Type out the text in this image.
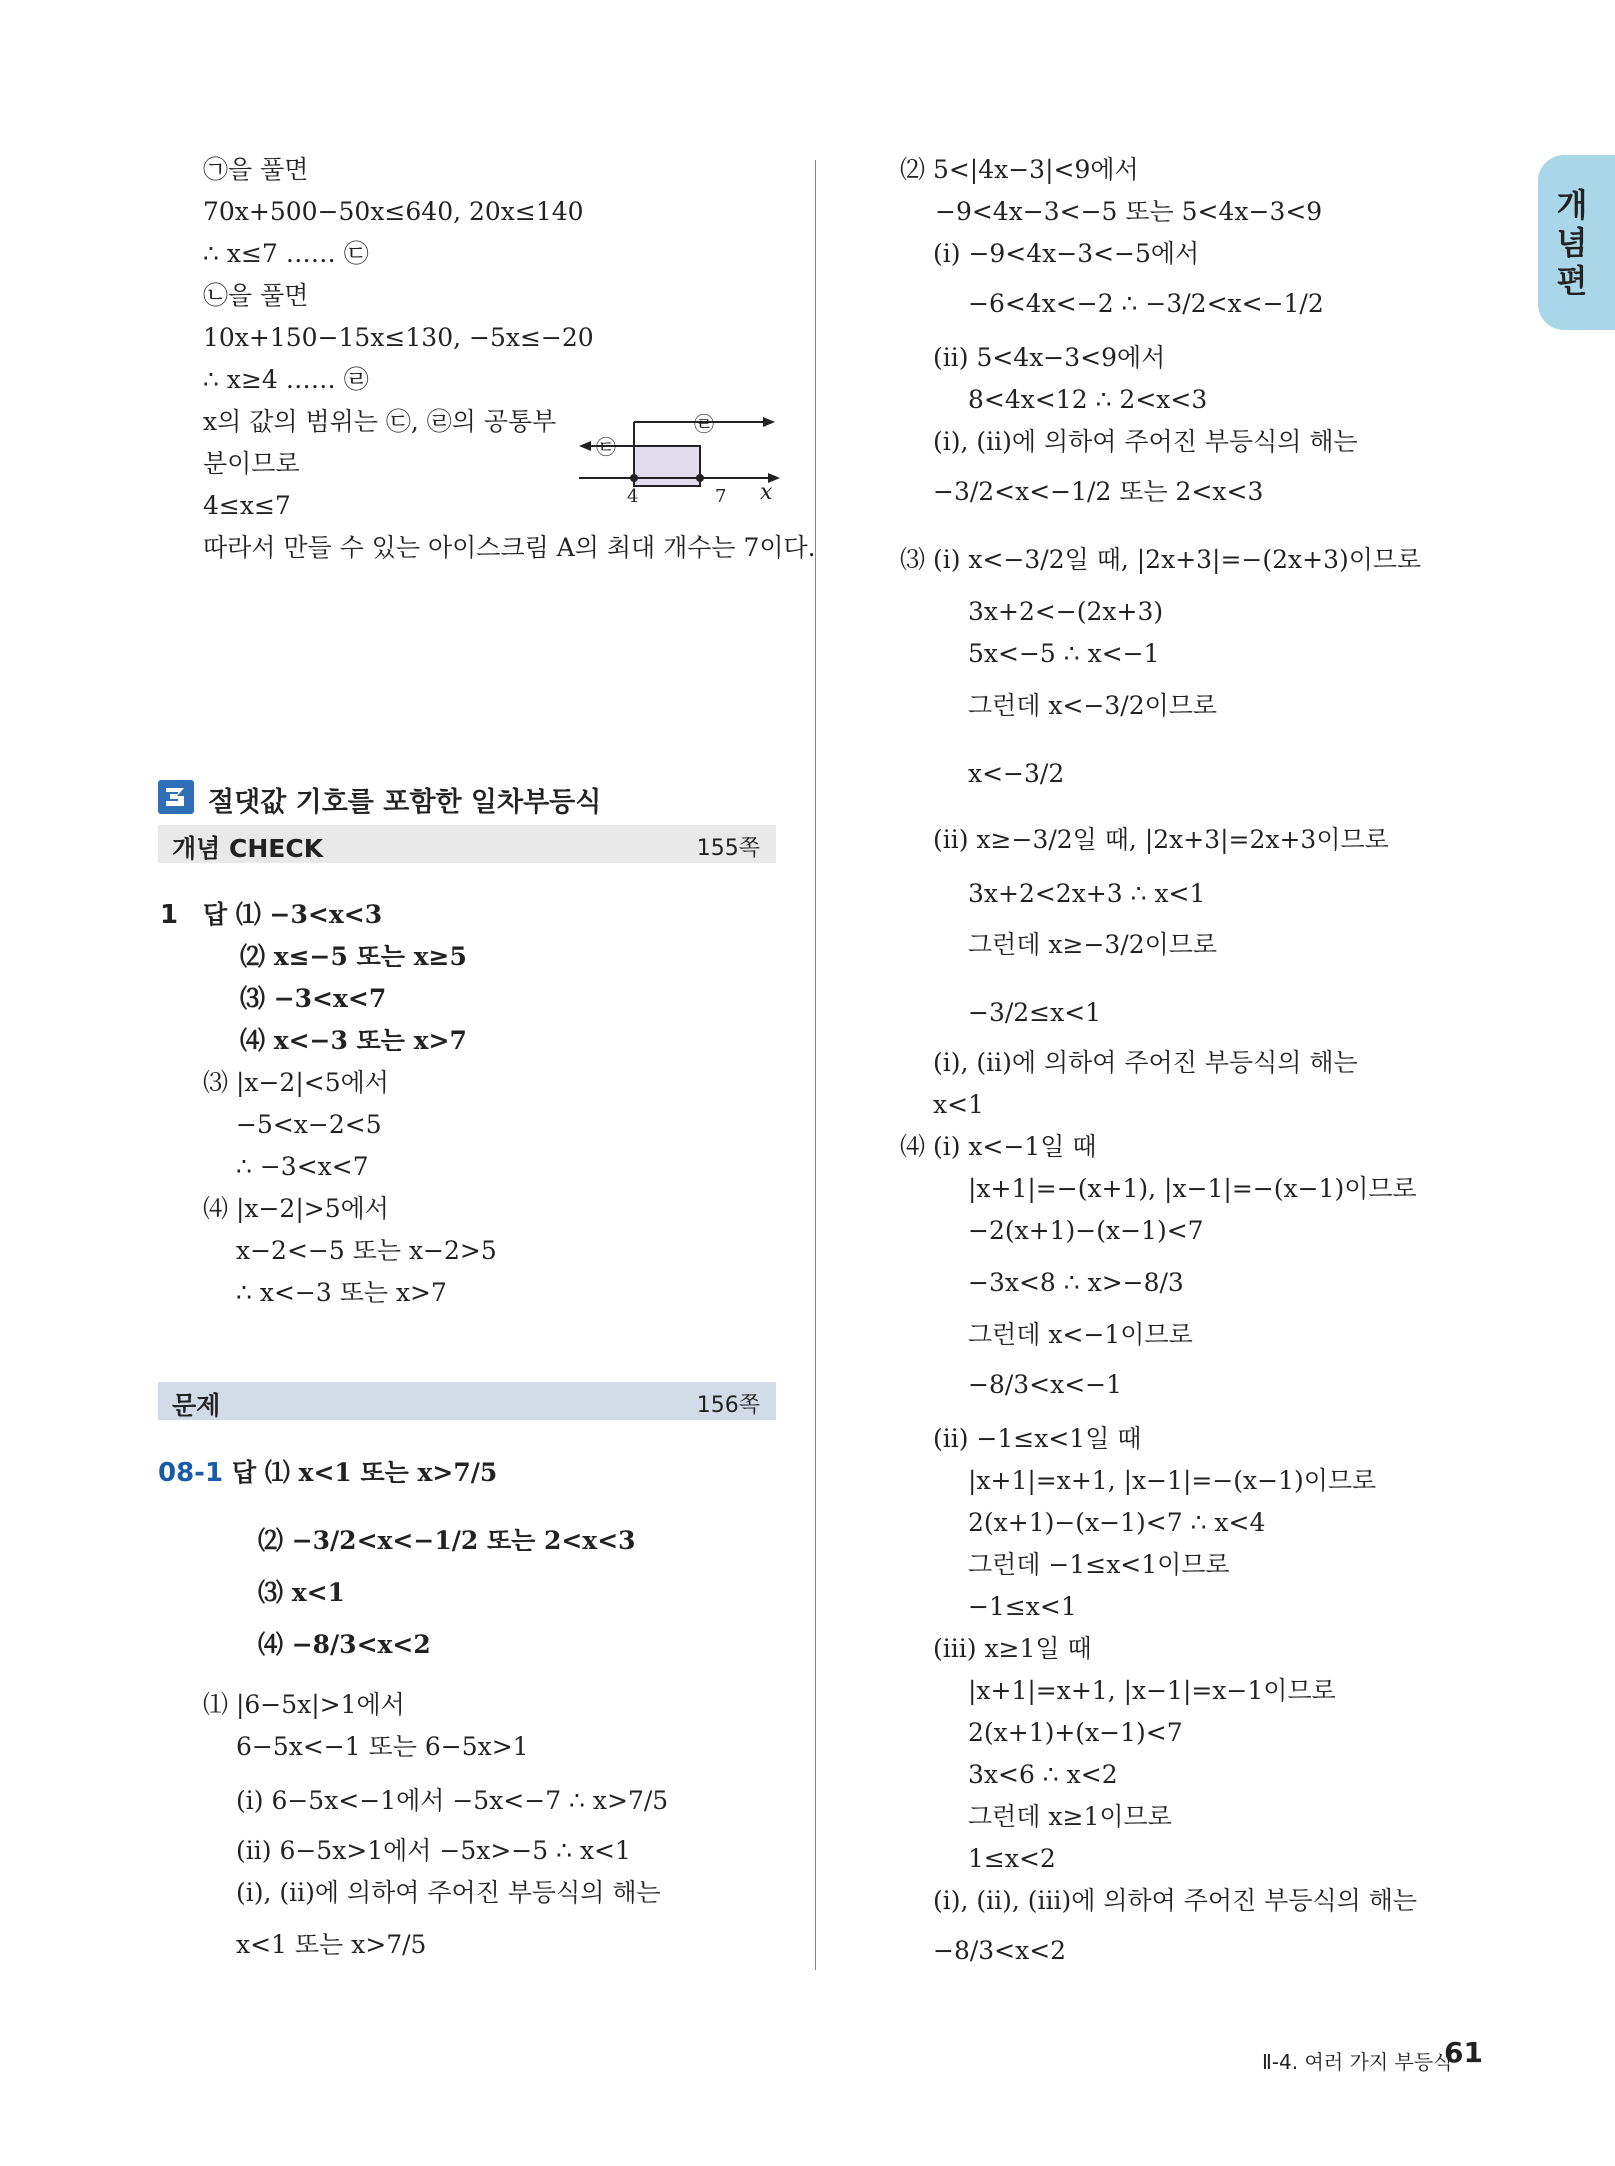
개념편
㉠을 풀면
70x+500−50x≤640, 20x≤140
∴ x≤7 …… ㉢
㉡을 풀면
10x+150−15x≤130, −5x≤−20
∴ x≥4 …… ㉣
x의 값의 범위는 ㉢, ㉣의 공통부
분이므로
4≤x≤7
따라서 만들 수 있는 아이스크림 A의 최대 개수는 7이다.
㉣
㉢
4	7 x
절댓값 기호를 포함한 일차부등식
개념 CHECK	155쪽
1 답 ⑴ −3<x<3
⑵ x≤−5 또는 x≥5
⑶ −3<x<7
⑷ x<−3 또는 x>7
⑶ |x−2|<5에서
−5<x−2<5
∴ −3<x<7
⑷ |x−2|>5에서
x−2<−5 또는 x−2>5
∴ x<−3 또는 x>7
문제	156쪽
08-1 답 ⑴ x<1 또는 x>7/5
⑵ −3/2<x<−1/2 또는 2<x<3
⑶ x<1
⑷ −8/3<x<2
⑴ |6−5x|>1에서
6−5x<−1 또는 6−5x>1
(ⅰ) 6−5x<−1에서 −5x<−7 ∴ x>7/5
(ⅱ) 6−5x>1에서 −5x>−5 ∴ x<1
(ⅰ), (ⅱ)에 의하여 주어진 부등식의 해는
x<1 또는 x>7/5
⑵ 5<|4x−3|<9에서
−9<4x−3<−5 또는 5<4x−3<9
(ⅰ) −9<4x−3<−5에서
−6<4x<−2 ∴ −3/2<x<−1/2
(ⅱ) 5<4x−3<9에서
8<4x<12 ∴ 2<x<3
(ⅰ), (ⅱ)에 의하여 주어진 부등식의 해는
−3/2<x<−1/2 또는 2<x<3
⑶ (ⅰ) x<−3/2일 때, |2x+3|=−(2x+3)이므로
3x+2<−(2x+3)
5x<−5 ∴ x<−1
그런데 x<−3/2이므로
x<−3/2
(ⅱ) x≥−3/2일 때, |2x+3|=2x+3이므로
3x+2<2x+3 ∴ x<1
그런데 x≥−3/2이므로
−3/2≤x<1
(ⅰ), (ⅱ)에 의하여 주어진 부등식의 해는
x<1
⑷ (ⅰ) x<−1일 때
|x+1|=−(x+1), |x−1|=−(x−1)이므로
−2(x+1)−(x−1)<7
−3x<8 ∴ x>−8/3
그런데 x<−1이므로
−8/3<x<−1
(ⅱ) −1≤x<1일 때
|x+1|=x+1, |x−1|=−(x−1)이므로
2(x+1)−(x−1)<7 ∴ x<4
그런데 −1≤x<1이므로
−1≤x<1
(ⅲ) x≥1일 때
|x+1|=x+1, |x−1|=x−1이므로
2(x+1)+(x−1)<7
3x<6 ∴ x<2
그런데 x≥1이므로
1≤x<2
(ⅰ), (ⅱ), (ⅲ)에 의하여 주어진 부등식의 해는
−8/3<x<2
Ⅱ-4. 여러 가지 부등식
61
